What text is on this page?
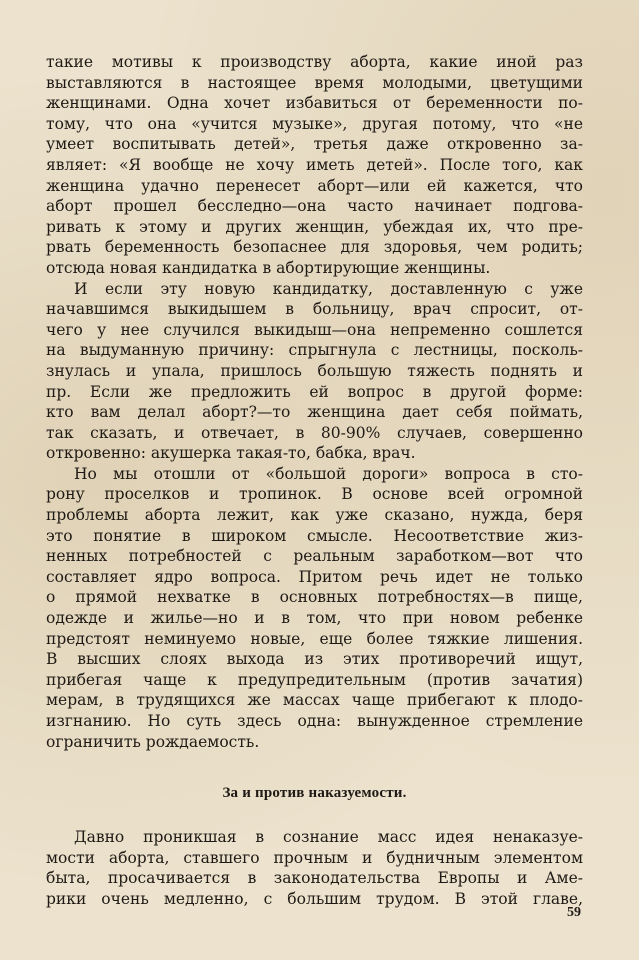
такие мотивы к производству аборта, какие иной раз
выставляются в настоящее время молодыми, цветущими
женщинами. Одна хочет избавиться от беременности по-
тому, что она «учится музыке», другая потому, что «не
умеет воспитывать детей», третья даже откровенно за-
являет: «Я вообще не хочу иметь детей». После того, как
женщина удачно перенесет аборт—или ей кажется, что
аборт прошел бесследно—она часто начинает подгова-
ривать к этому и других женщин, убеждая их, что пре-
рвать беременность безопаснее для здоровья, чем родить;
отсюда новая кандидатка в абортирующие женщины.

И если эту новую кандидатку, доставленную с уже
начавшимся выкидышем в больницу, врач спросит, от-
чего у нее случился выкидыш—она непременно сошлется
на выдуманную причину: спрыгнула с лестницы, посколь-
знулась и упала, пришлось большую тяжесть поднять и
пр. Если же предложить ей вопрос в другой форме:
кто вам делал аборт?—то женщина дает себя поймать,
так сказать, и отвечает, в 80-90% случаев, совершенно
откровенно: акушерка такая-то, бабка, врач.

Но мы отошли от «большой дороги» вопроса в сто-
рону проселков и тропинок. В основе всей огромной
проблемы аборта лежит, как уже сказано, нужда, беря
это понятие в широком смысле. Несоответствие жиз-
ненных потребностей с реальным заработком—вот что
составляет ядро вопроса. Притом речь идет не только
о прямой нехватке в основных потребностях—в пище,
одежде и жилье—но и в том, что при новом ребенке
предстоят неминуемо новые, еще более тяжкие лишения.
В высших слоях выхода из этих противоречий ищут,
прибегая чаще к предупредительным (против зачатия)
мерам, в трудящихся же массах чаще прибегают к плодо-
изгнанию. Но суть здесь одна: вынужденное стремление
ограничить рождаемость.

За и против наказуемости.

Давно проникшая в сознание масс идея ненаказуе-
мости аборта, ставшего прочным и будничным элементом
быта, просачивается в законодательства Европы и Аме-
рики очень медленно, с большим трудом. В этой главе,

59
